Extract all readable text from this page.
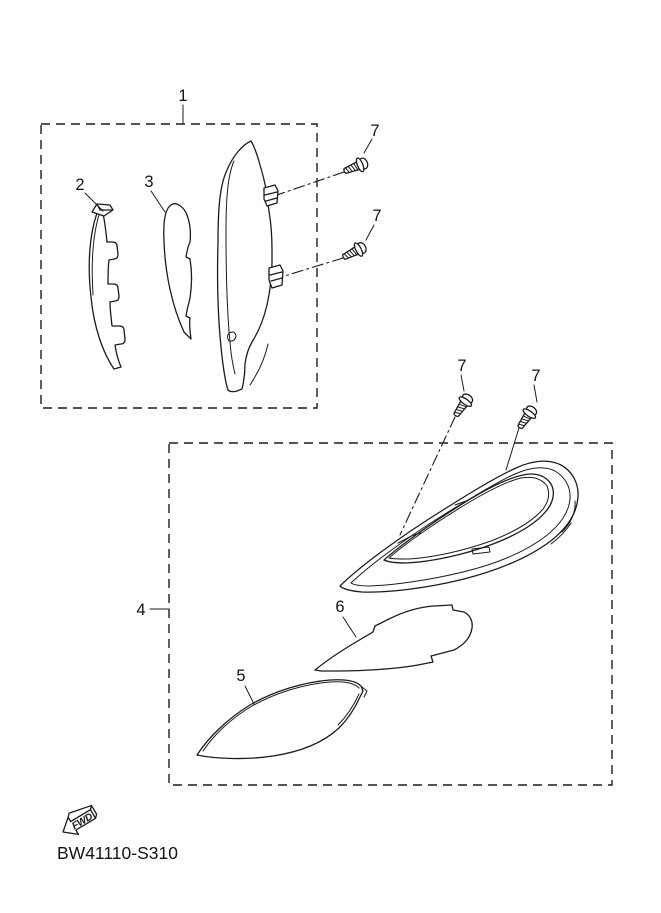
1
2	3
7
7
4	6
5
7
7
FWD
BW41110-S310
